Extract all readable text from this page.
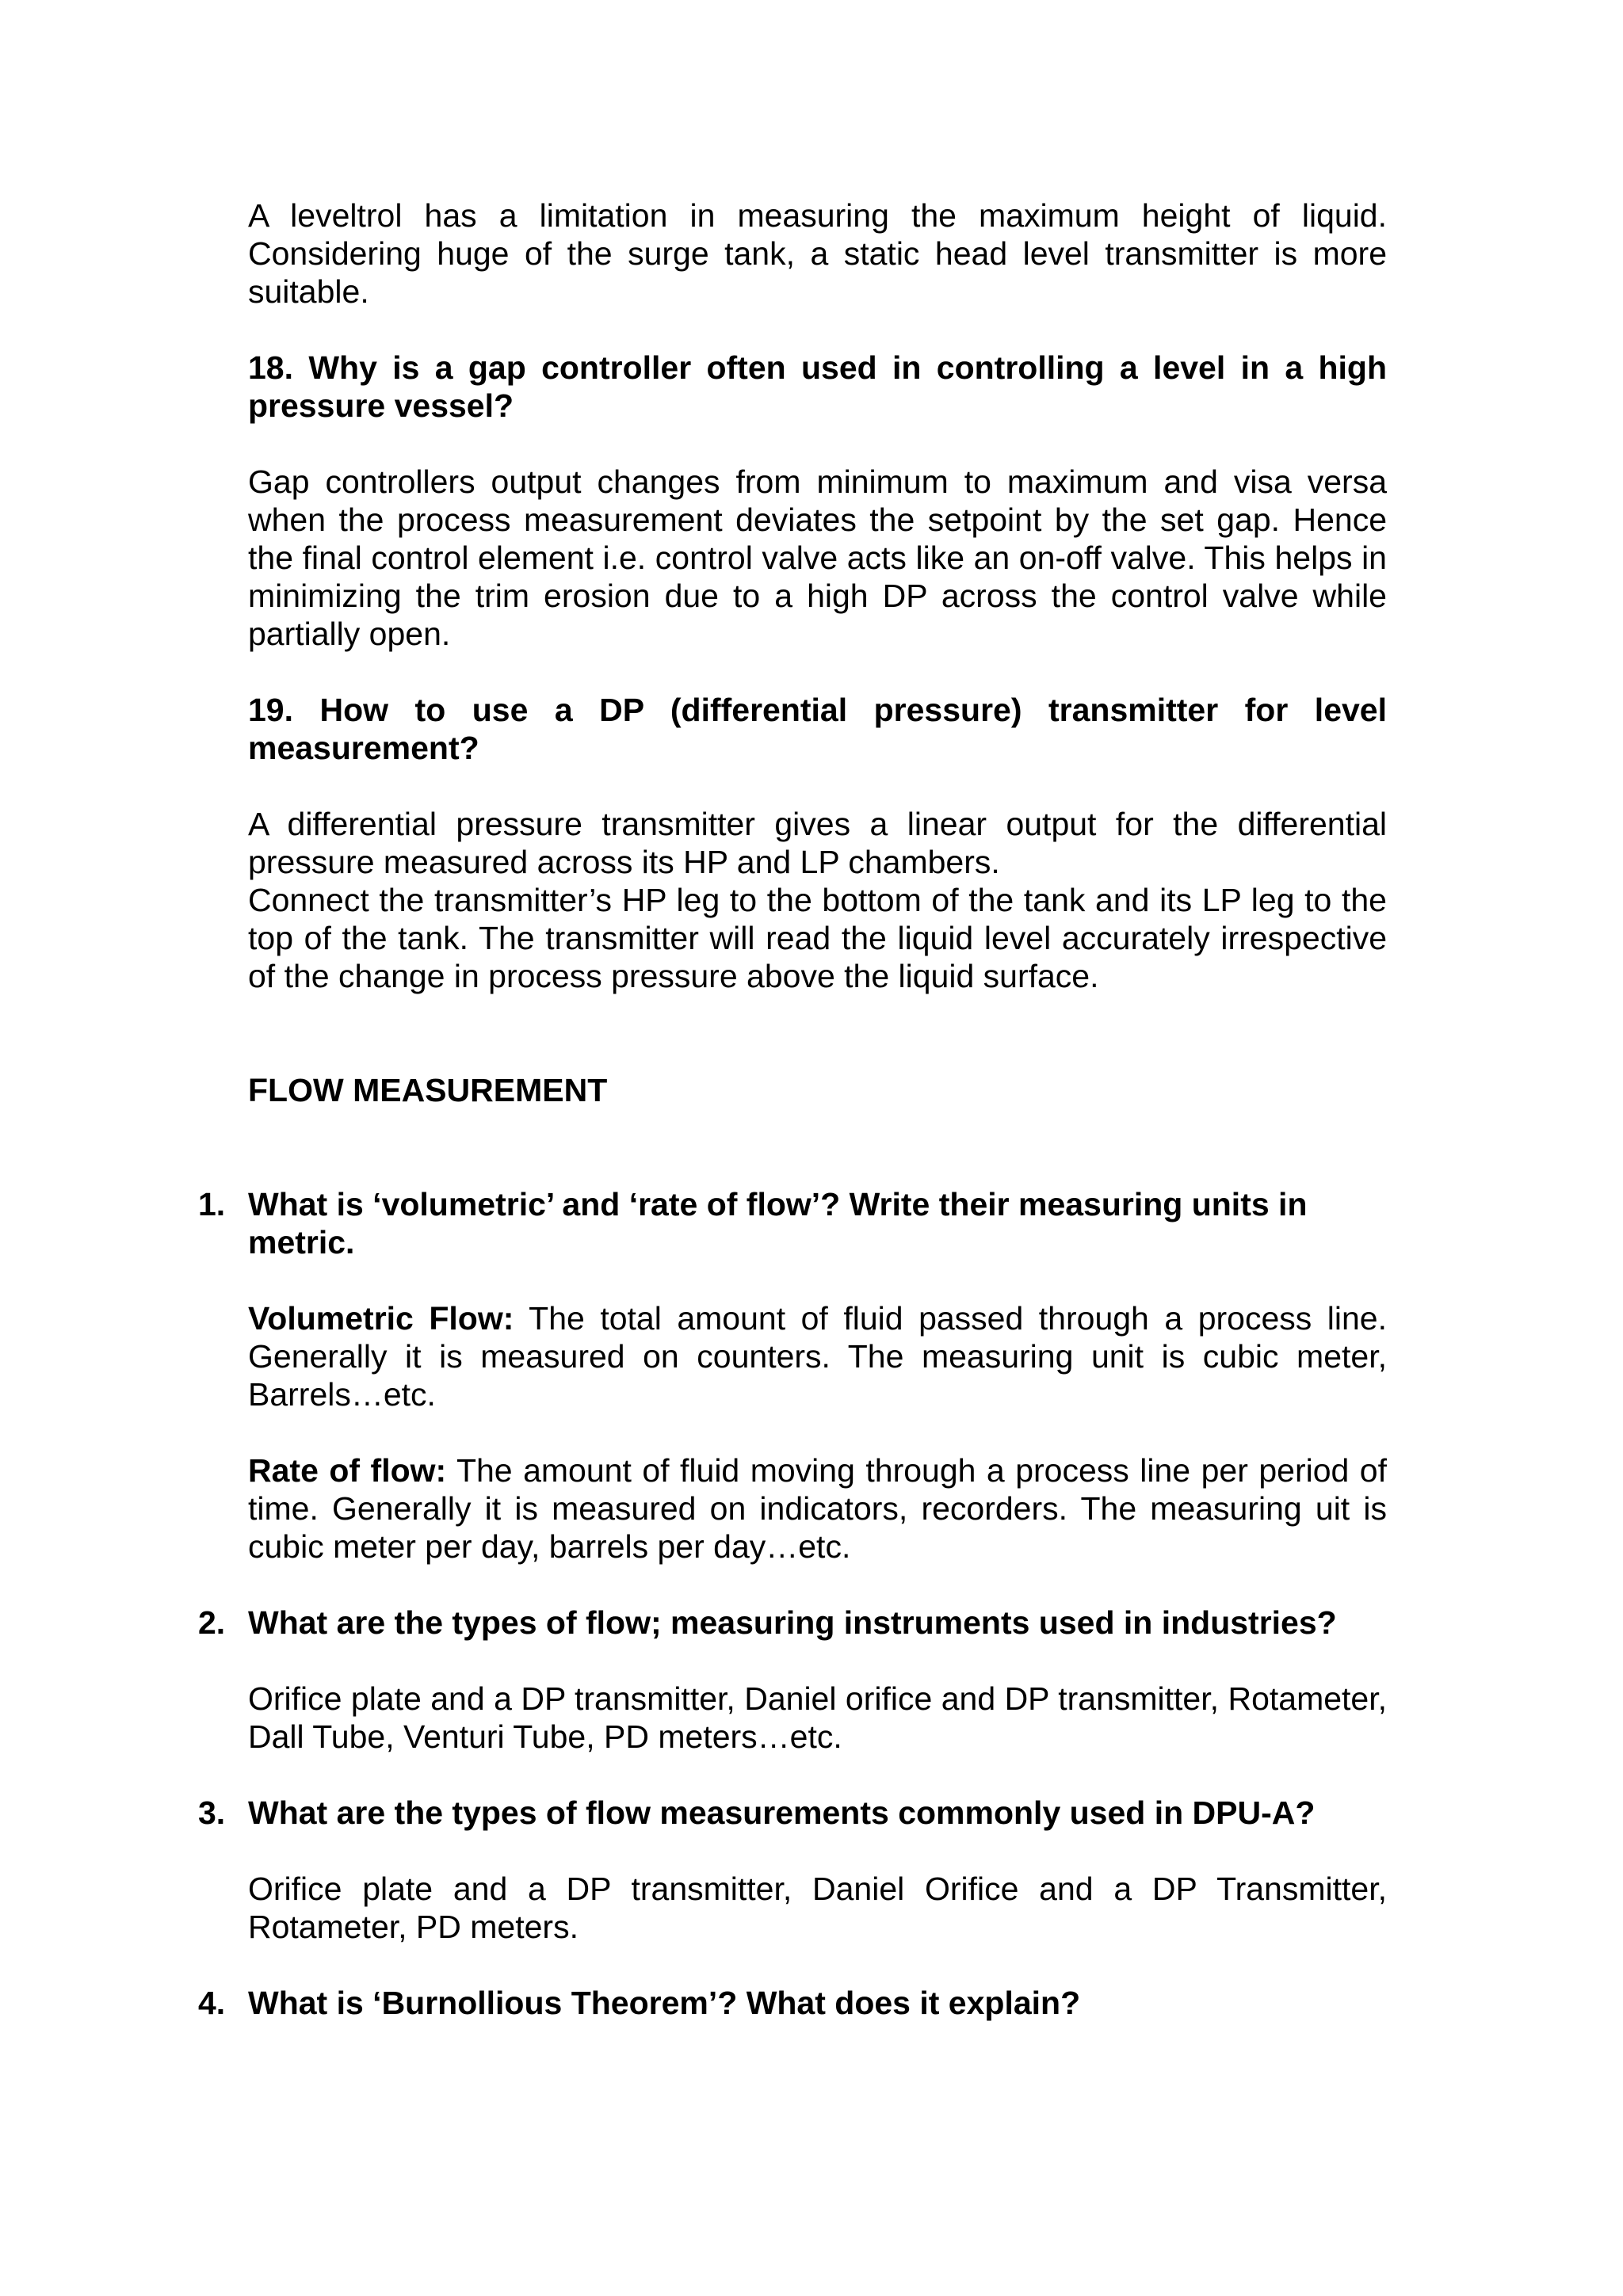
A leveltrol has a limitation in measuring the maximum height of liquid. Considering huge of the surge tank, a static head level transmitter is more suitable.

18. Why is a gap controller often used in controlling a level in a high pressure vessel?

Gap controllers output changes from minimum to maximum and visa versa when the process measurement deviates the setpoint by the set gap. Hence the final control element i.e. control valve acts like an on-off valve. This helps in minimizing the trim erosion due to a high DP across the control valve while partially open.

19. How to use a DP (differential pressure) transmitter for level measurement?

A differential pressure transmitter gives a linear output for the differential pressure measured across its HP and LP chambers.

Connect the transmitter’s HP leg to the bottom of the tank and its LP leg to the top of the tank. The transmitter will read the liquid level accurately irrespective of the change in process pressure above the liquid surface.

FLOW MEASUREMENT

1. What is ‘volumetric’ and ‘rate of flow’? Write their measuring units in metric.

Volumetric Flow: The total amount of fluid passed through a process line. Generally it is measured on counters. The measuring unit is cubic meter, Barrels…etc.

Rate of flow: The amount of fluid moving through a process line per period of time. Generally it is measured on indicators, recorders. The measuring uit is cubic meter per day, barrels per day…etc.

2. What are the types of flow; measuring instruments used in industries?

Orifice plate and a DP transmitter, Daniel orifice and DP transmitter, Rotameter, Dall Tube, Venturi Tube, PD meters…etc.

3. What are the types of flow measurements commonly used in DPU-A?

Orifice plate and a DP transmitter, Daniel Orifice and a DP Transmitter, Rotameter, PD meters.

4. What is ‘Burnollious Theorem’? What does it explain?
